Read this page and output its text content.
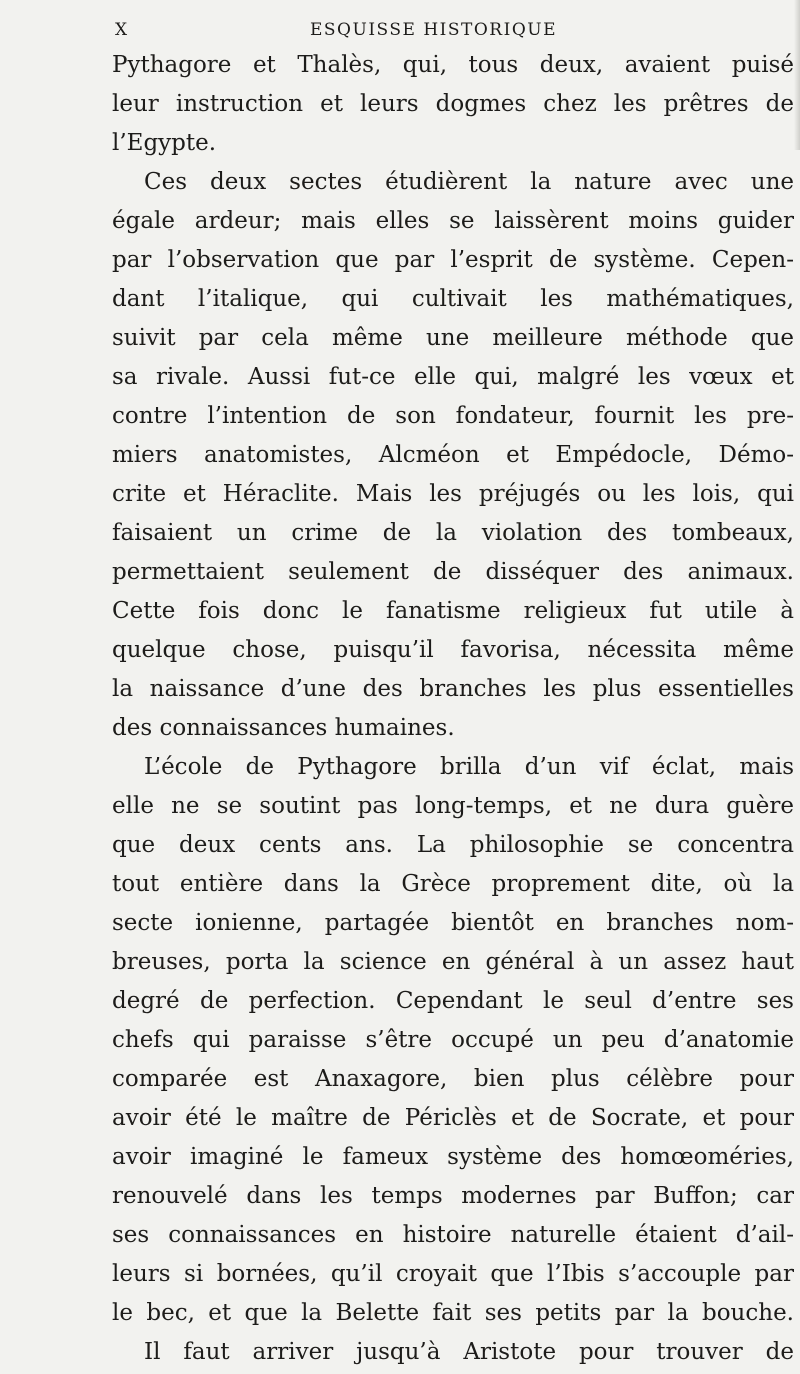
X	ESQUISSE HISTORIQUE
Pythagore et Thalès, qui, tous deux, avaient puisé
leur instruction et leurs dogmes chez les prêtres de
l’Egypte.
Ces deux sectes étudièrent la nature avec une
égale ardeur; mais elles se laissèrent moins guider
par l’observation que par l’esprit de système. Cepen-
dant l’italique, qui cultivait les mathématiques,
suivit par cela même une meilleure méthode que
sa rivale. Aussi fut-ce elle qui, malgré les vœux et
contre l’intention de son fondateur, fournit les pre-
miers anatomistes, Alcméon et Empédocle, Démo-
crite et Héraclite. Mais les préjugés ou les lois, qui
faisaient un crime de la violation des tombeaux,
permettaient seulement de disséquer des animaux.
Cette fois donc le fanatisme religieux fut utile à
quelque chose, puisqu’il favorisa, nécessita même
la naissance d’une des branches les plus essentielles
des connaissances humaines.
L’école de Pythagore brilla d’un vif éclat, mais
elle ne se soutint pas long-temps, et ne dura guère
que deux cents ans. La philosophie se concentra
tout entière dans la Grèce proprement dite, où la
secte ionienne, partagée bientôt en branches nom-
breuses, porta la science en général à un assez haut
degré de perfection. Cependant le seul d’entre ses
chefs qui paraisse s’être occupé un peu d’anatomie
comparée est Anaxagore, bien plus célèbre pour
avoir été le maître de Périclès et de Socrate, et pour
avoir imaginé le fameux système des homœoméries,
renouvelé dans les temps modernes par Buffon; car
ses connaissances en histoire naturelle étaient d’ail-
leurs si bornées, qu’il croyait que l’Ibis s’accouple par
le bec, et que la Belette fait ses petits par la bouche.
Il faut arriver jusqu’à Aristote pour trouver de
